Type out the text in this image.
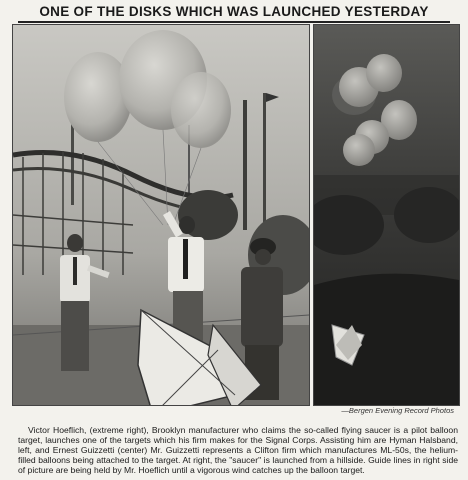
ONE OF THE DISKS WHICH WAS LAUNCHED YESTERDAY
—Bergen Evening Record Photos

Victor Hoeflich, (extreme right), Brooklyn manufacturer who claims the so-called flying saucer is a pilot balloon target, launches one of the targets which his firm makes for the Signal Corps. Assisting him are Hyman Halsband, left, and Ernest Guizzetti (center) Mr. Guizzetti represents a Clifton firm which manufactures ML-50s, the helium-filled balloons being attached to the target. At right, the "saucer" is launched from a hillside. Guide lines in right side of picture are being held by Mr. Hoeflich until a vigorous wind catches up the balloon target.
